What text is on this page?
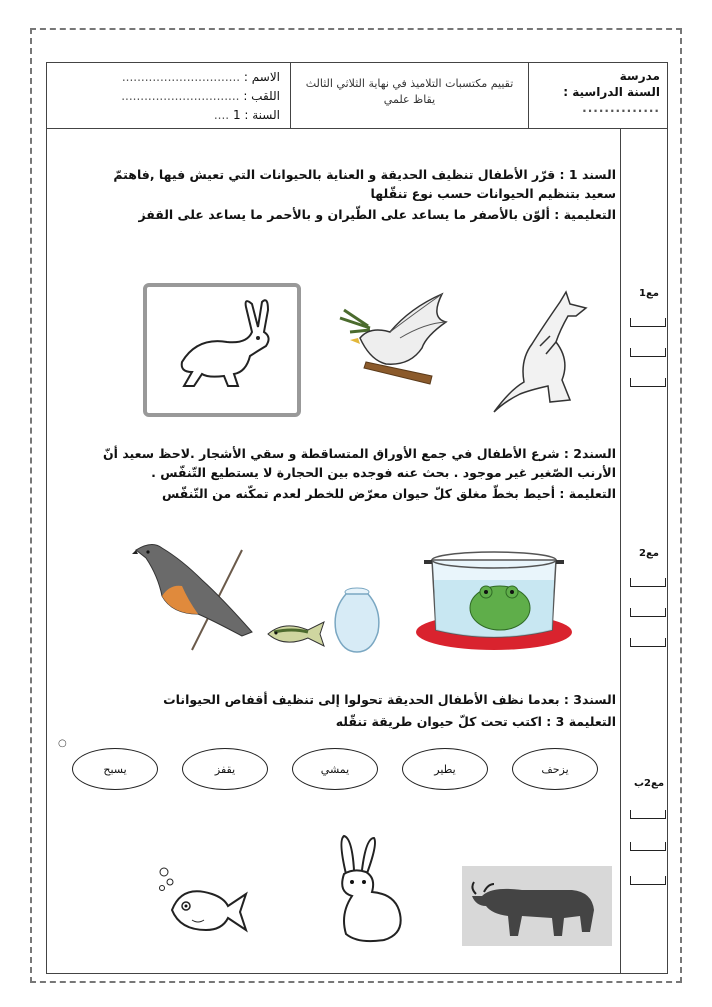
مدرسة
السنة الدراسية :
..............
تقييم مكتسبات التلاميذ في نهاية الثلاثي الثالث
يقاظ علمي
الاسم : ...............................
اللقب : ...............................
السنة : 1 ....
السند 1 : قرّر الأطفال تنظيف الحديقة و العناية بالحيوانات التي تعيش فيها ,فاهتمّ سعيد بتنظيم الحيوانات حسب نوع تنقّلها
التعليمية : ألوّن بالأصفر ما يساعد على الطّيران و بالأحمر ما يساعد على القفز
مع1
السند2 : شرع الأطفال في جمع الأوراق المتساقطة و سقي الأشجار .لاحظ سعيد أنّ الأرنب الصّغير غير موجود . بحث عنه فوجده بين الحجارة لا يستطيع التّنفّس .
التعليمة : أحيط بخطّ مغلق كلّ حيوان معرّض للخطر لعدم تمكّنه من التّنفّس
مع2
السند3 : بعدما نظف الأطفال الحديقة تحولوا إلى تنظيف أقفاص الحيوانات
التعليمة 3 : اكتب تحت كلّ حيوان طريقة تنقّله
يزحف
يطير
يمشي
يقفز
يسبح
مع2ب
○
